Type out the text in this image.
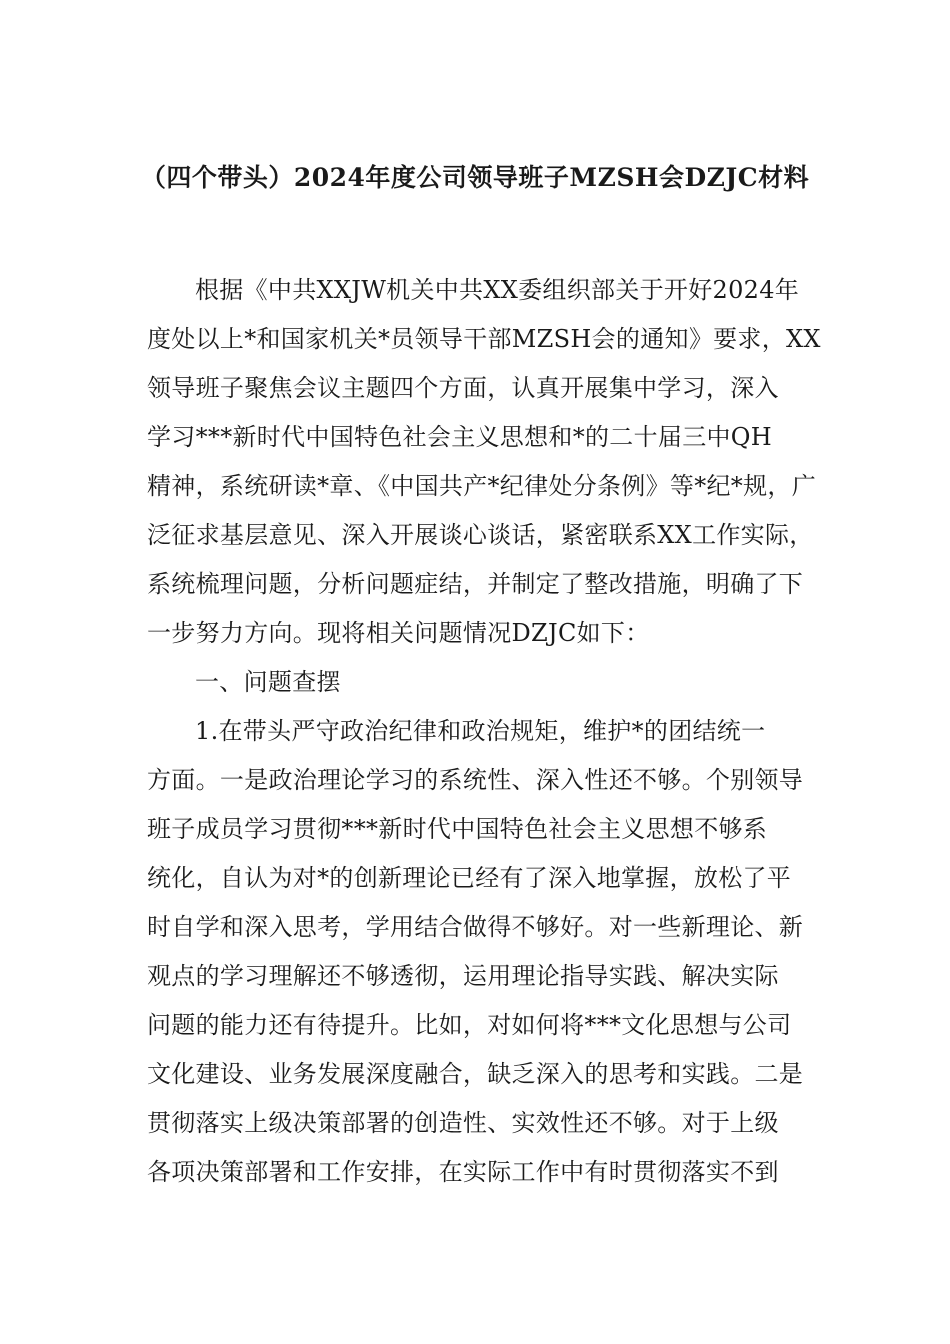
（四个带头）2024年度公司领导班子MZSH会DZJC材料
根据《中共XXJW机关中共XX委组织部关于开好2024年
度处以上*和国家机关*员领导干部MZSH会的通知》要求，XX
领导班子聚焦会议主题四个方面，认真开展集中学习，深入
学习***新时代中国特色社会主义思想和*的二十届三中QH
精神，系统研读*章、《中国共产*纪律处分条例》等*纪*规，广
泛征求基层意见、深入开展谈心谈话，紧密联系XX工作实际，
系统梳理问题，分析问题症结，并制定了整改措施，明确了下
一步努力方向。现将相关问题情况DZJC如下：
一、问题查摆
1.在带头严守政治纪律和政治规矩，维护*的团结统一
方面。一是政治理论学习的系统性、深入性还不够。个别领导
班子成员学习贯彻***新时代中国特色社会主义思想不够系
统化，自认为对*的创新理论已经有了深入地掌握，放松了平
时自学和深入思考，学用结合做得不够好。对一些新理论、新
观点的学习理解还不够透彻，运用理论指导实践、解决实际
问题的能力还有待提升。比如，对如何将***文化思想与公司
文化建设、业务发展深度融合，缺乏深入的思考和实践。二是
贯彻落实上级决策部署的创造性、实效性还不够。对于上级
各项决策部署和工作安排，在实际工作中有时贯彻落实不到
